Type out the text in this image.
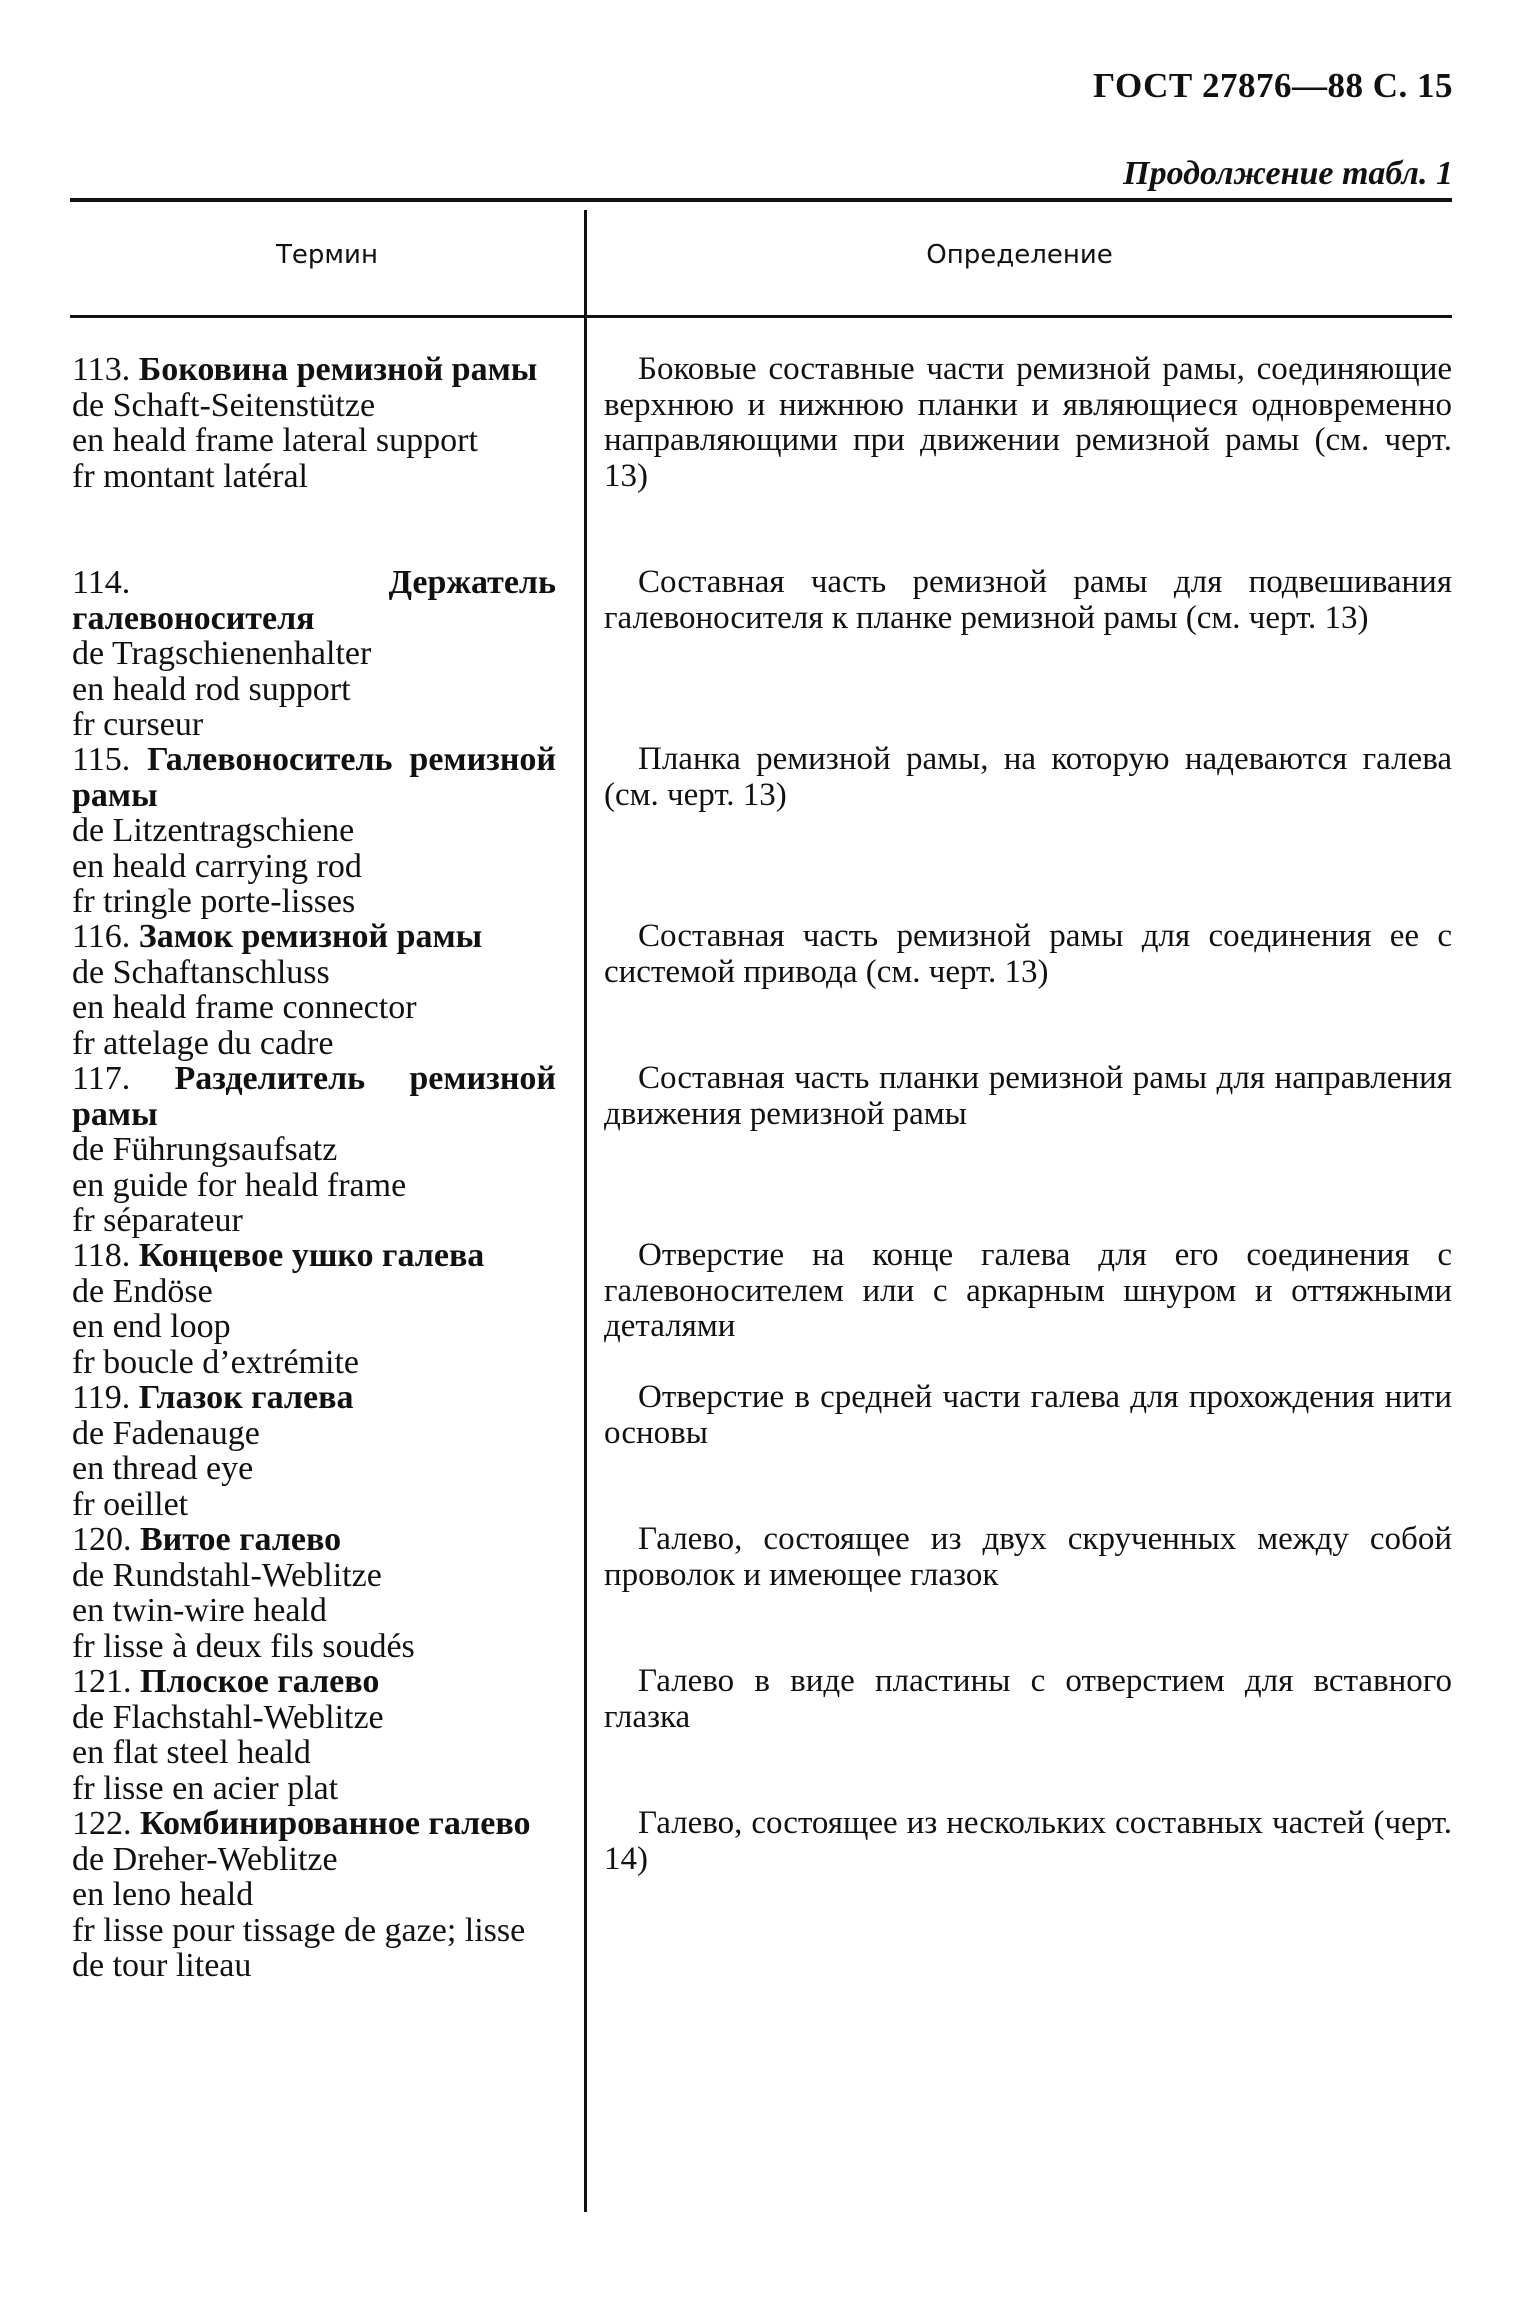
ГОСТ 27876—88 С. 15
Продолжение табл. 1
Термин	Определение
113. Боковина ремизной рамы
de Schaft-Seitenstütze
en heald frame lateral support
fr montant latéral
Боковые составные части ремизной рамы, соединяющие верхнюю и нижнюю планки и являющиеся одновременно направляющими при движении ремизной рамы (см. черт. 13)
114.	Держатель галевоносителя
de Tragschienenhalter
en heald rod support
fr curseur
Составная часть ремизной рамы для подвешивания галевоносителя к планке ремизной рамы (см. черт. 13)
115. Галевоноситель ремизной рамы
de Litzentragschiene
en heald carrying rod
fr tringle porte-lisses
Планка ремизной рамы, на которую надеваются галева (см. черт. 13)
116. Замок ремизной рамы
de Schaftanschluss
en heald frame connector
fr attelage du cadre
Составная часть ремизной рамы для соединения ее с системой привода (см. черт. 13)
117. Разделитель ремизной рамы
de Führungsaufsatz
en guide for heald frame
fr séparateur
Составная часть планки ремизной рамы для направления движения ремизной рамы
118. Концевое ушко галева
de Endöse
en end loop
fr boucle d’extrémite
Отверстие на конце галева для его соединения с галевоносителем или с аркарным шнуром и оттяжными деталями
119. Глазок галева
de Fadenauge
en thread eye
fr oeillet
Отверстие в средней части галева для прохождения нити основы
120. Витое галево
de Rundstahl-Weblitze
en twin-wire heald
fr lisse à deux fils soudés
Галево, состоящее из двух скрученных между собой проволок и имеющее глазок
121. Плоское галево
de Flachstahl-Weblitze
en flat steel heald
fr lisse en acier plat
Галево в виде пластины с отверстием для вставного глазка
122. Комбинированное галево
de Dreher-Weblitze
en leno heald
fr lisse pour tissage de gaze; lisse de tour liteau
Галево, состоящее из нескольких составных частей (черт. 14)
